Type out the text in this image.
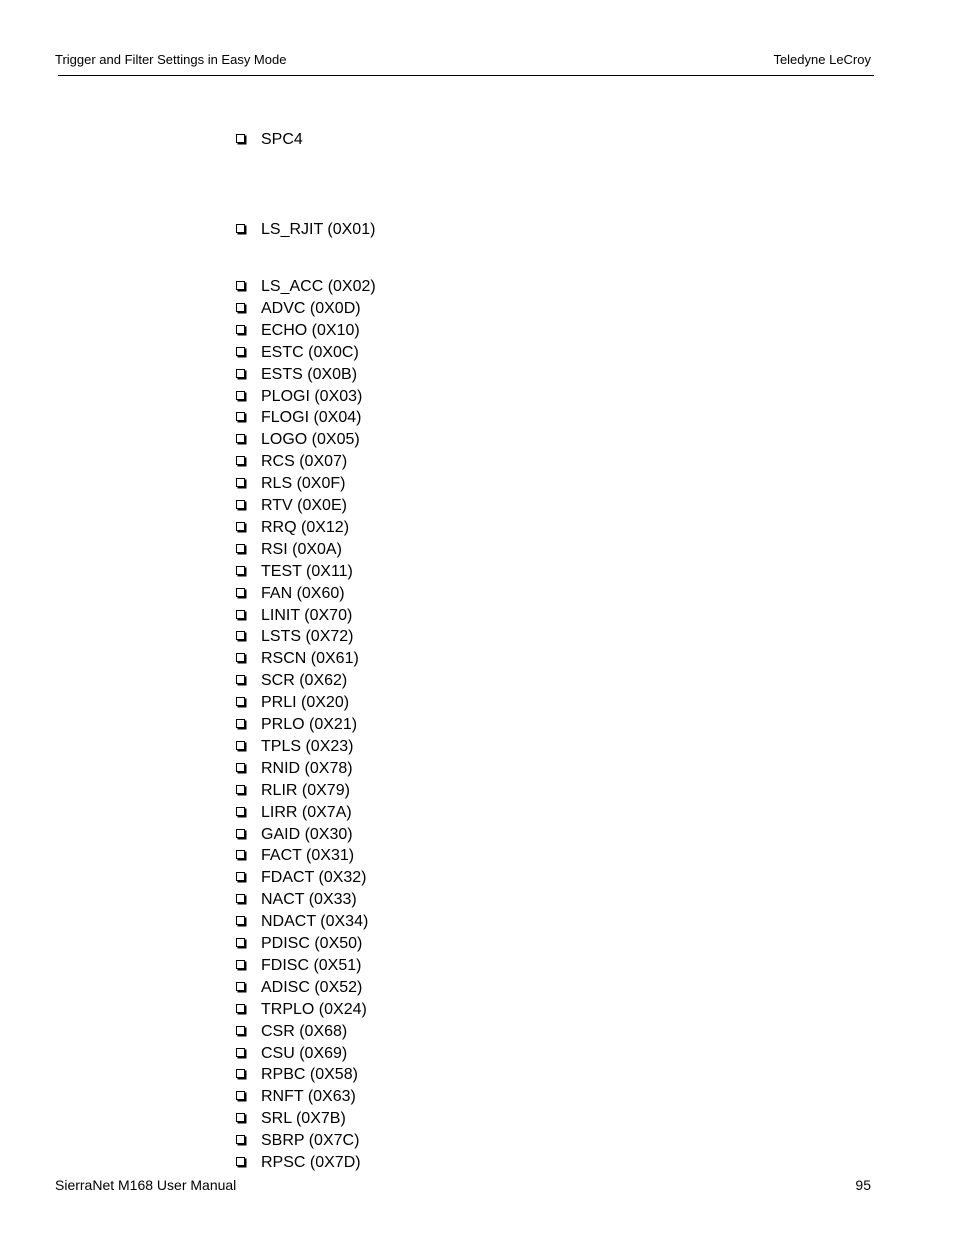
Trigger and Filter Settings in Easy Mode	Teledyne LeCroy
SPC4
LS_RJIT (0X01)
LS_ACC (0X02)
ADVC (0X0D)
ECHO (0X10)
ESTC (0X0C)
ESTS (0X0B)
PLOGI (0X03)
FLOGI (0X04)
LOGO (0X05)
RCS (0X07)
RLS (0X0F)
RTV (0X0E)
RRQ (0X12)
RSI (0X0A)
TEST (0X11)
FAN (0X60)
LINIT (0X70)
LSTS (0X72)
RSCN (0X61)
SCR (0X62)
PRLI (0X20)
PRLO (0X21)
TPLS (0X23)
RNID (0X78)
RLIR (0X79)
LIRR (0X7A)
GAID (0X30)
FACT (0X31)
FDACT (0X32)
NACT (0X33)
NDACT (0X34)
PDISC (0X50)
FDISC (0X51)
ADISC (0X52)
TRPLO (0X24)
CSR (0X68)
CSU (0X69)
RPBC (0X58)
RNFT (0X63)
SRL (0X7B)
SBRP (0X7C)
RPSC (0X7D)
SierraNet M168 User Manual	95
